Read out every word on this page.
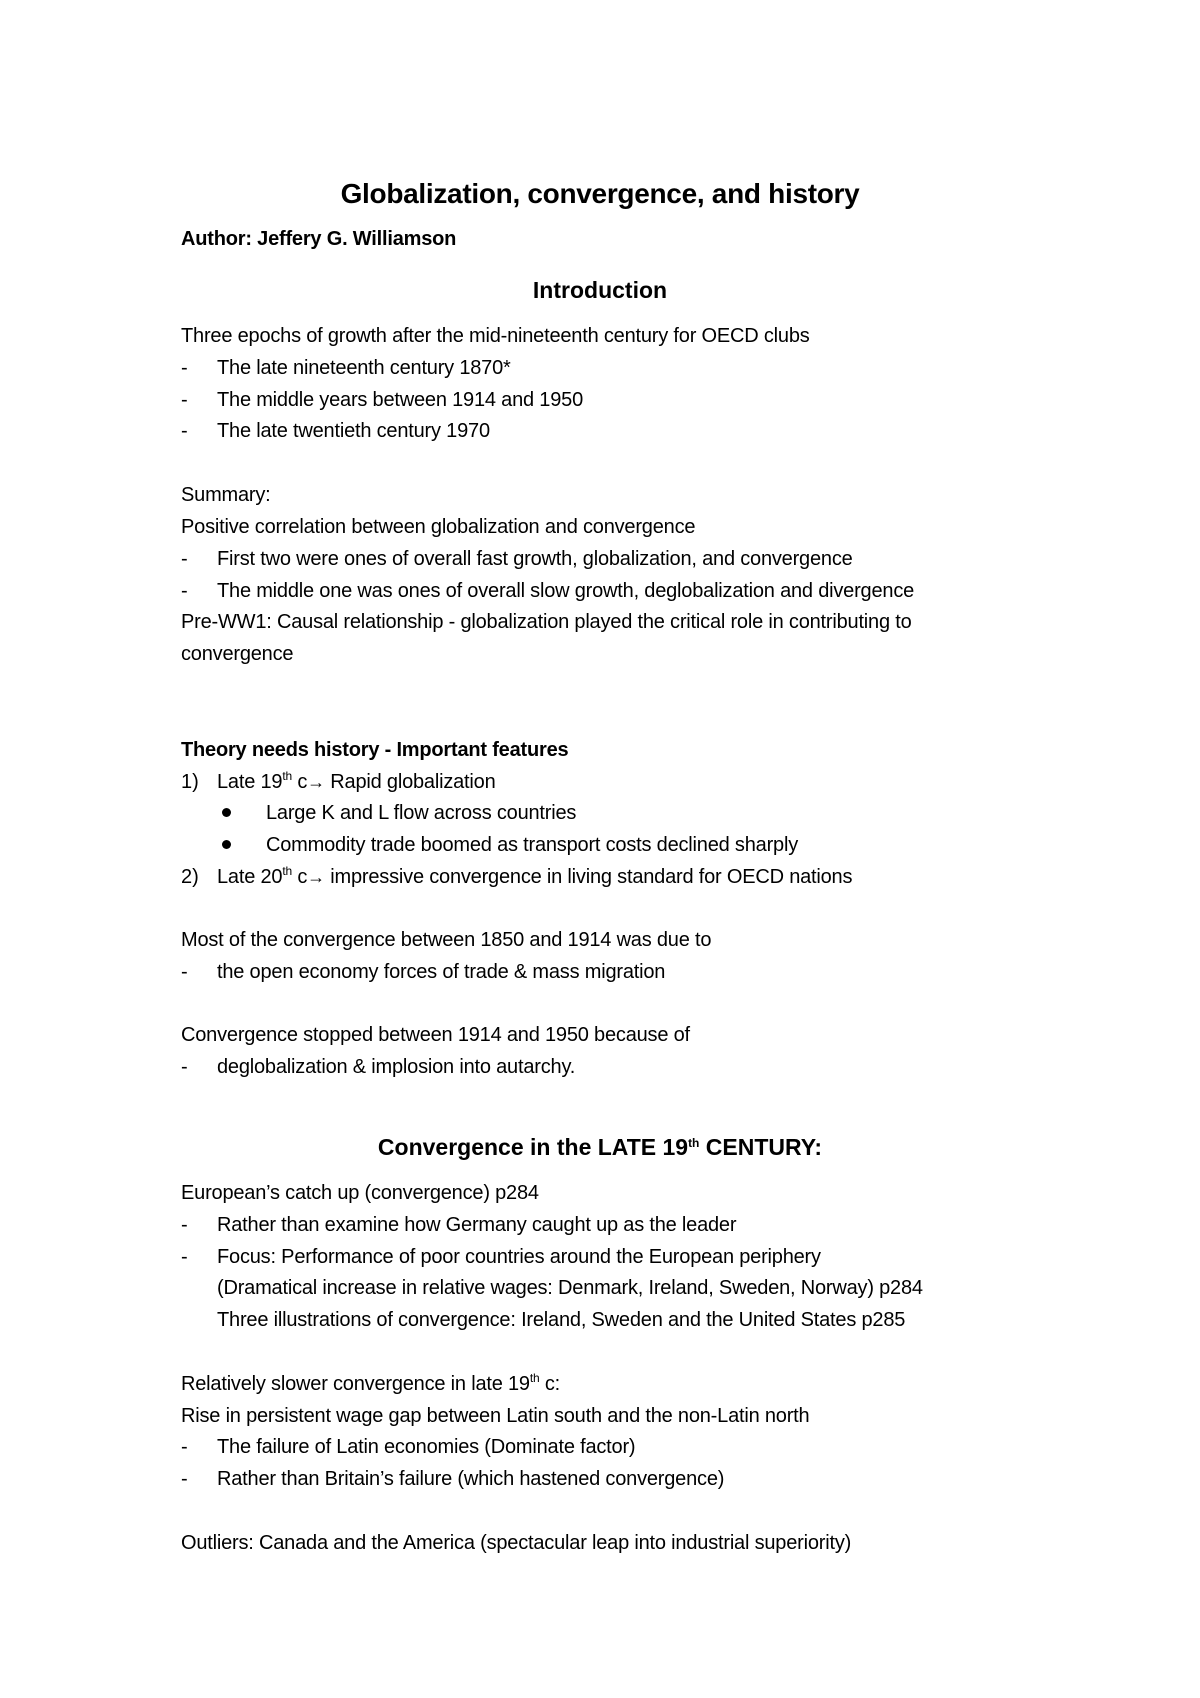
Globalization, convergence, and history
Author: Jeffery G. Williamson
Introduction
Three epochs of growth after the mid-nineteenth century for OECD clubs
- The late nineteenth century 1870*
- The middle years between 1914 and 1950
- The late twentieth century 1970
Summary:
Positive correlation between globalization and convergence
- First two were ones of overall fast growth, globalization, and convergence
- The middle one was ones of overall slow growth, deglobalization and divergence
Pre-WW1: Causal relationship - globalization played the critical role in contributing to
convergence
Theory needs history - Important features
1) Late 19th c→ Rapid globalization
Large K and L flow across countries
Commodity trade boomed as transport costs declined sharply
2) Late 20th c→ impressive convergence in living standard for OECD nations
Most of the convergence between 1850 and 1914 was due to
- the open economy forces of trade & mass migration
Convergence stopped between 1914 and 1950 because of
- deglobalization & implosion into autarchy.
Convergence in the LATE 19th CENTURY:
European’s catch up (convergence) p284
- Rather than examine how Germany caught up as the leader
- Focus: Performance of poor countries around the European periphery
(Dramatical increase in relative wages: Denmark, Ireland, Sweden, Norway) p284
Three illustrations of convergence: Ireland, Sweden and the United States p285
Relatively slower convergence in late 19th c:
Rise in persistent wage gap between Latin south and the non-Latin north
- The failure of Latin economies (Dominate factor)
- Rather than Britain’s failure (which hastened convergence)
Outliers: Canada and the America (spectacular leap into industrial superiority)
